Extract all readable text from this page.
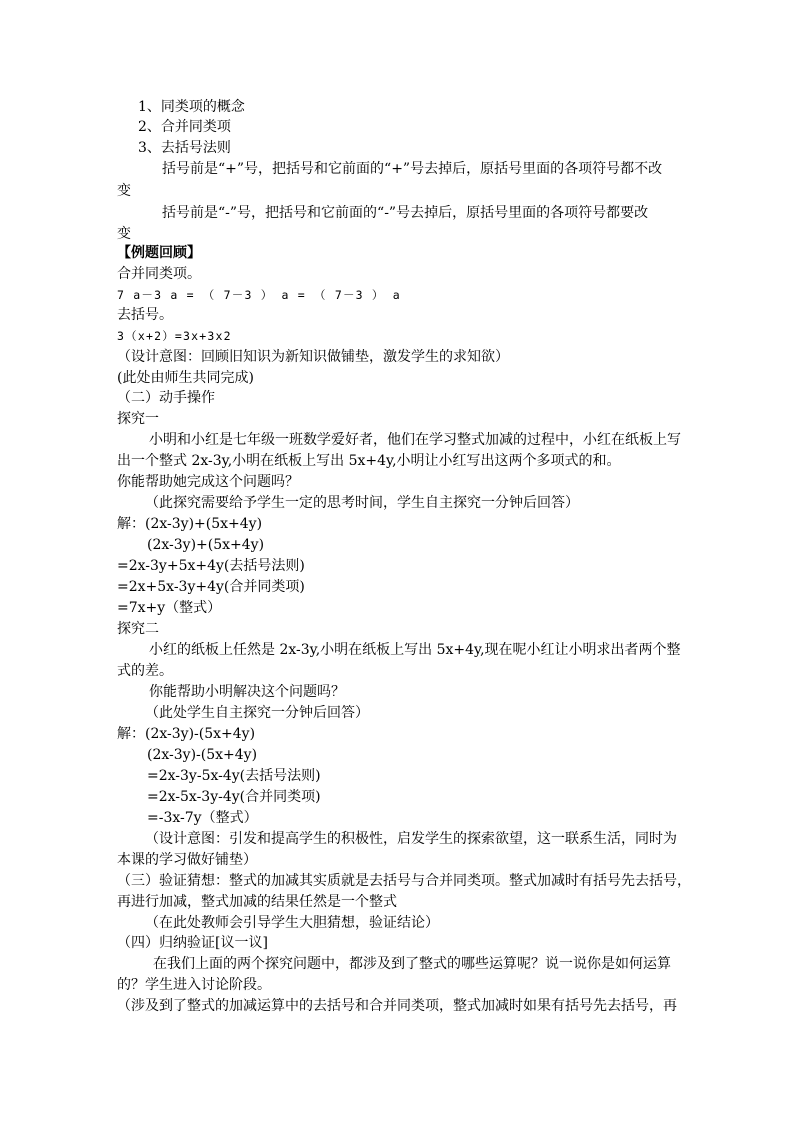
1、同类项的概念
2、合并同类项
3、去括号法则
括号前是“+”号，把括号和它前面的“+”号去掉后，原括号里面的各项符号都不改
变
括号前是“-”号，把括号和它前面的“-”号去掉后，原括号里面的各项符号都要改
变
【例题回顾】
合并同类项。
7 a－3 a = （ 7－3 ） a = （ 7－3 ） a
去括号。
3（x+2）=3x+3x2
（设计意图：回顾旧知识为新知识做铺垫，激发学生的求知欲）
(此处由师生共同完成)
（二）动手操作
探究一
小明和小红是七年级一班数学爱好者，他们在学习整式加减的过程中，小红在纸板上写
出一个整式 2x-3y,小明在纸板上写出 5x+4y,小明让小红写出这两个多项式的和。
你能帮助她完成这个问题吗？
（此探究需要给予学生一定的思考时间，学生自主探究一分钟后回答）
解：(2x-3y)+(5x+4y)
(2x-3y)+(5x+4y)
=2x-3y+5x+4y(去括号法则)
=2x+5x-3y+4y(合并同类项)
=7x+y（整式）
探究二
小红的纸板上任然是 2x-3y,小明在纸板上写出 5x+4y,现在呢小红让小明求出者两个整
式的差。
你能帮助小明解决这个问题吗？
（此处学生自主探究一分钟后回答）
解：(2x-3y)-(5x+4y)
(2x-3y)-(5x+4y)
=2x-3y-5x-4y(去括号法则)
=2x-5x-3y-4y(合并同类项)
=-3x-7y（整式）
（设计意图：引发和提高学生的积极性，启发学生的探索欲望，这一联系生活，同时为
本课的学习做好铺垫）
（三）验证猜想：整式的加减其实质就是去括号与合并同类项。整式加减时有括号先去括号，
再进行加减，整式加减的结果任然是一个整式
（在此处教师会引导学生大胆猜想，验证结论）
（四）归纳验证[议一议]
在我们上面的两个探究问题中，都涉及到了整式的哪些运算呢？说一说你是如何运算
的？学生进入讨论阶段。
（涉及到了整式的加减运算中的去括号和合并同类项，整式加减时如果有括号先去括号，再
